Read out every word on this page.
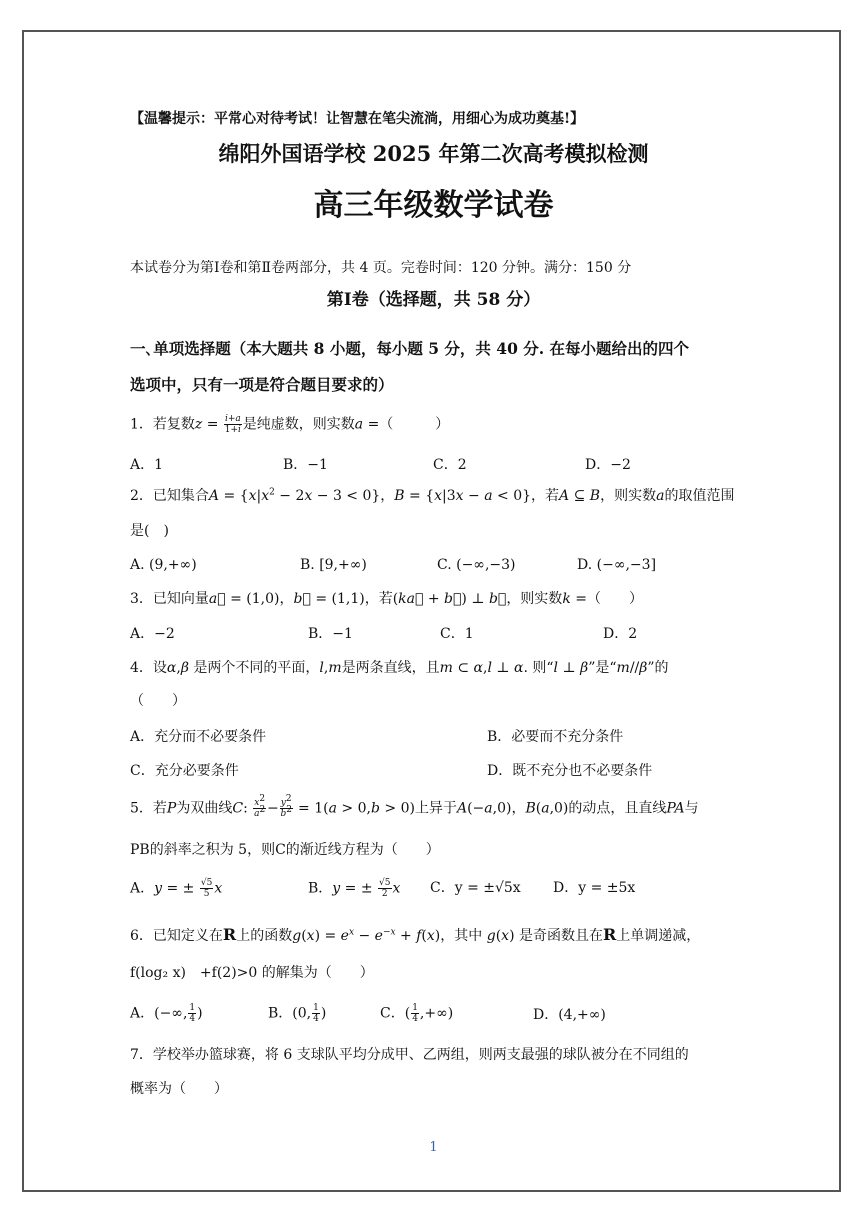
【温馨提示：平常心对待考试！让智慧在笔尖流淌，用细心为成功奠基!】
绵阳外国语学校 2025 年第二次高考模拟检测
高三年级数学试卷
本试卷分为第Ⅰ卷和第Ⅱ卷两部分，共 4 页。完卷时间：120 分钟。满分：150 分
第Ⅰ卷（选择题，共 58 分）
一､单项选择题（本大题共 8 小题，每小题 5 分，共 40 分. 在每小题给出的四个
选项中，只有一项是符合题目要求的）
1．若复数$z = \frac{i+a}{1+i}$ 是纯虚数，则实数a =（　　　）
A．1	B．−1	C．2	D．−2
2．已知集合$A = \{x|x^2 - 2x - 3 < 0\}$，B = {x|3x − a < 0}，若A ⊆ B，则实数a的取值范围
是(　)
A. (9,+∞)	B. [9,+∞)	C. (−∞,−3)	D. (−∞,−3]
3．已知向量a⃗ = (1,0)，b⃗ = (1,1)，若(ka⃗ + b⃗) ⊥ b⃗，则实数k =（　　）
A．−2	B．−1	C．1	D．2
4．设α,β 是两个不同的平面，l,m是两条直线，且m ⊂ α,l ⊥ α. 则“l ⊥ β”是“m//β”的
（　　）
A．充分而不必要条件	B．必要而不充分条件
C．充分必要条件	D．既不充分也不必要条件
5．若P为双曲线C: $\frac{x^2}{a^2} - \frac{y^2}{b^2} = 1(a > 0,b > 0)$上异于A(−a,0)，B(a,0)的动点，且直线PA与
PB的斜率之积为 5，则C的渐近线方程为（　　）
A．y = ± $\frac{√5}{5}$ x	B．y = ± $\frac{√5}{2}$ x C．y = ±√5x D．y = ±5x
6．已知定义在R上的函数$g(x) = e^x - e^{-x} + f(x)$，其中 g(x) 是奇函数且在R上单调递减，
f(log₂ x)　+f(2)>0 的解集为（　　）
A．(−∞, $\frac{1}{4}$ )	B．(0, $\frac{1}{4}$ )	C．( $\frac{1}{4}$ ,+∞)	D．(4,+∞)
7．学校举办篮球赛，将 6 支球队平均分成甲、乙两组，则两支最强的球队被分在不同组的
概率为（　　）
1
